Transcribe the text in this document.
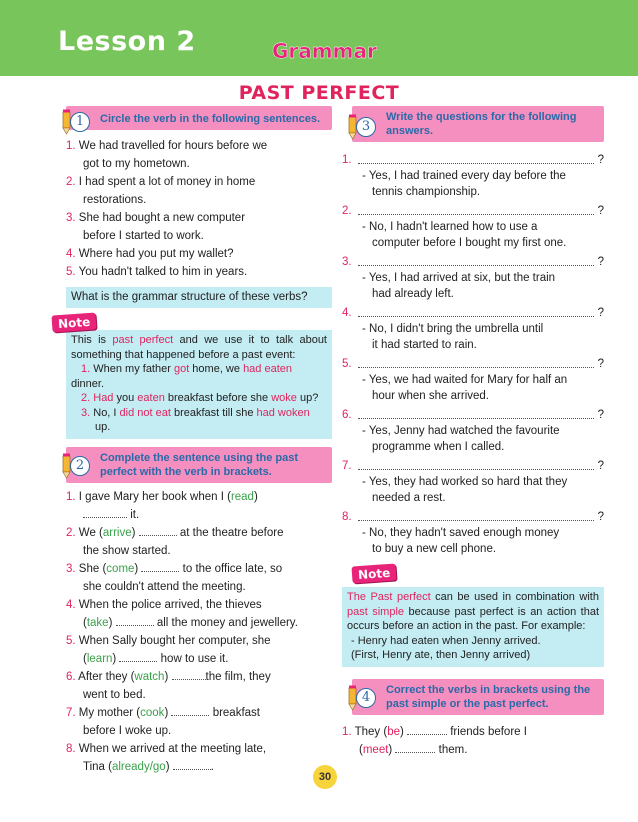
Lesson 2	Grammar
PAST PERFECT
1	Circle the verb in the following sentences.
1. We had travelled for hours before we
got to my hometown.
2. I had spent a lot of money in home
restorations.
3. She had bought a new computer
before I started to work.
4. Where had you put my wallet?
5. You hadn't talked to him in years.
What is the grammar structure of these verbs?
Note
This is past perfect and we use it to talk about something that happened before a past event:
1. When my father got home, we had eaten
dinner.
2. Had you eaten breakfast before she woke up?
3. No, I did not eat breakfast till she had woken
up.
2	Complete the sentence using the past perfect with the verb in brackets.
1. I gave Mary her book when I (read)
it.
2. We (arrive)	at the theatre before
the show started.
3. She (come)	to the office late, so
she couldn't attend the meeting.
4. When the police arrived, the thieves
(take)	all the money and jewellery.
5. When Sally bought her computer, she
(learn)	how to use it.
6. After they (watch)	the film, they
went to bed.
7. My mother (cook)	breakfast
before I woke up.
8. When we arrived at the meeting late,
Tina (already/go)	.
3
Write the questions for the following answers.
1.	?
- Yes, I had trained every day before the
tennis championship.
2.	?
- No, I hadn't learned how to use a
computer before I bought my first one.
3.	?
- Yes, I had arrived at six, but the train
had already left.
4.	?
- No, I didn't bring the umbrella until
it had started to rain.
5.	?
- Yes, we had waited for Mary for half an
hour when she arrived.
6.	?
- Yes, Jenny had watched the favourite
programme when I called.
7.	?
- Yes, they had worked so hard that they
needed a rest.
8.	?
- No, they hadn't saved enough money
to buy a new cell phone.
Note
The Past perfect can be used in combination with past simple because past perfect is an action that occurs before an action in the past. For example:
- Henry had eaten when Jenny arrived.
(First, Henry ate, then Jenny arrived)
4	Correct the verbs in brackets using the past simple or the past perfect.
1. They (be)	friends before I
(meet)	them.
30
